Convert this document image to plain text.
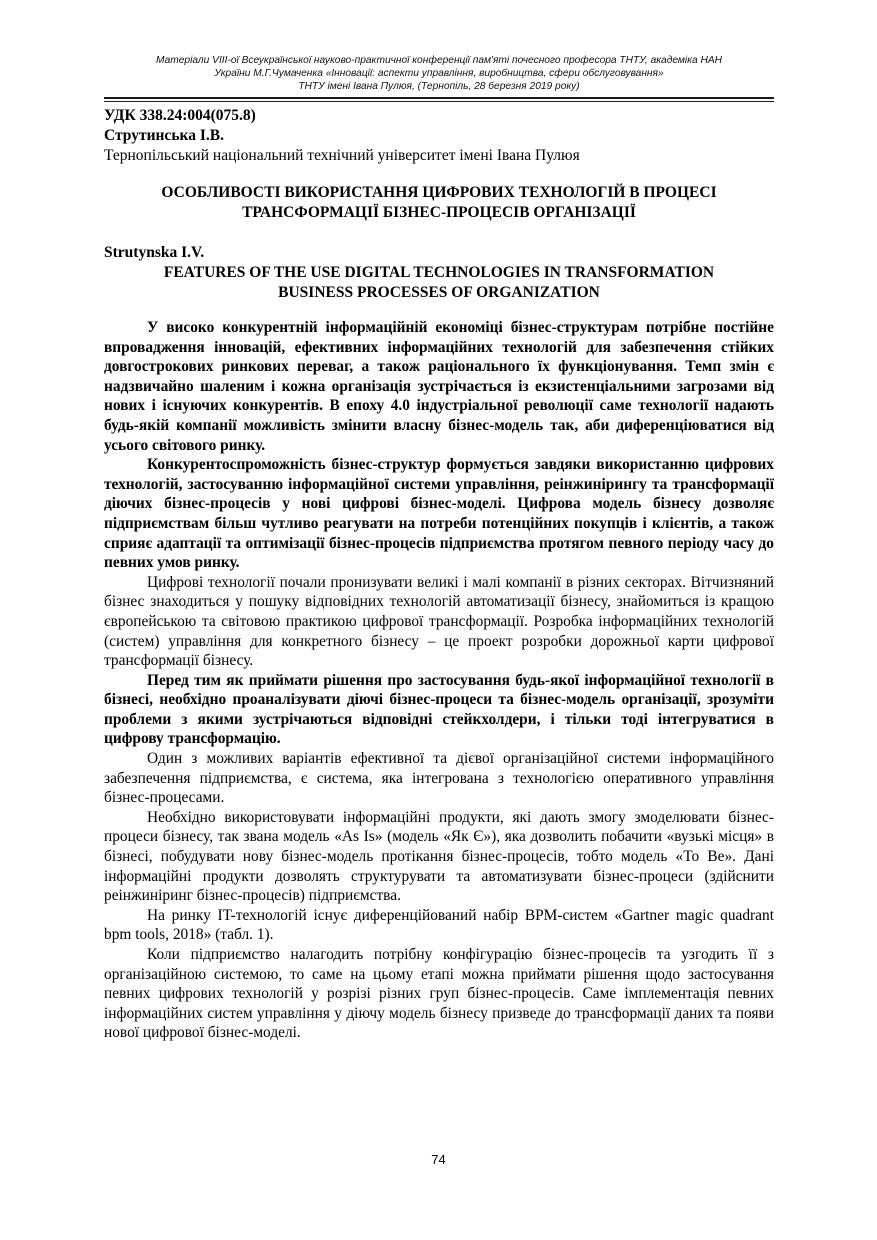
Матеріали VIII-ої Всеукраїнської науково-практичної конференції пам'яті почесного професора ТНТУ, академіка НАН
України М.Г.Чумаченка «Інновації: аспекти управління, виробництва, сфери обслуговування»
ТНТУ імені Івана Пулюя, (Тернопіль, 28 березня 2019 року)
УДК 338.24:004(075.8)
Струтинська І.В.
Тернопільський національний технічний університет імені Івана Пулюя
ОСОБЛИВОСТІ ВИКОРИСТАННЯ ЦИФРОВИХ ТЕХНОЛОГІЙ В ПРОЦЕСІ
ТРАНСФОРМАЦІЇ БІЗНЕС-ПРОЦЕСІВ ОРГАНІЗАЦІЇ
Strutynska I.V.
FEATURES OF THE USE DIGITAL TECHNOLOGIES IN TRANSFORMATION
BUSINESS PROCESSES OF ORGANIZATION

У високо конкурентній інформаційній економіці бізнес-структурам потрібне постійне впровадження інновацій, ефективних інформаційних технологій для забезпечення стійких довгострокових ринкових переваг, а також раціонального їх функціонування. Темп змін є надзвичайно шаленим і кожна організація зустрічається із екзистенціальними загрозами від нових і існуючих конкурентів. В епоху 4.0 індустріальної революції саме технології надають будь-якій компанії можливість змінити власну бізнес-модель так, аби диференціюватися від усього світового ринку.

Конкурентоспроможність бізнес-структур формується завдяки використанню цифрових технологій, застосуванню інформаційної системи управління, реінжинірингу та трансформації діючих бізнес-процесів у нові цифрові бізнес-моделі. Цифрова модель бізнесу дозволяє підприємствам більш чутливо реагувати на потреби потенційних покупців і клієнтів, а також сприяє адаптації та оптимізації бізнес-процесів підприємства протягом певного періоду часу до певних умов ринку.

Цифрові технології почали пронизувати великі і малі компанії в різних секторах. Вітчизняний бізнес знаходиться у пошуку відповідних технологій автоматизації бізнесу, знайомиться із кращою європейською та світовою практикою цифрової трансформації. Розробка інформаційних технологій (систем) управління для конкретного бізнесу – це проект розробки дорожньої карти цифрової трансформації бізнесу.

Перед тим як приймати рішення про застосування будь-якої інформаційної технології в бізнесі, необхідно проаналізувати діючі бізнес-процеси та бізнес-модель організації, зрозуміти проблеми з якими зустрічаються відповідні стейкхолдери, і тільки тоді інтегруватися в цифрову трансформацію.

Один з можливих варіантів ефективної та дієвої організаційної системи інформаційного забезпечення підприємства, є система, яка інтегрована з технологією оперативного управління бізнес-процесами.

Необхідно використовувати інформаційні продукти, які дають змогу змоделювати бізнес-процеси бізнесу, так звана модель «As Is» (модель «Як Є»), яка дозволить побачити «вузькі місця» в бізнесі, побудувати нову бізнес-модель протікання бізнес-процесів, тобто модель «To Be». Дані інформаційні продукти дозволять структурувати та автоматизувати бізнес-процеси (здійснити реінжиніринг бізнес-процесів) підприємства.

На ринку IT-технологій існує диференційований набір BPM-систем «Gartner magic quadrant bpm tools, 2018» (табл. 1).

Коли підприємство налагодить потрібну конфігурацію бізнес-процесів та узгодить її з організаційною системою, то саме на цьому етапі можна приймати рішення щодо застосування певних цифрових технологій у розрізі різних груп бізнес-процесів. Саме імплементація певних інформаційних систем управління у діючу модель бізнесу призведе до трансформації даних та появи нової цифрової бізнес-моделі.

74
